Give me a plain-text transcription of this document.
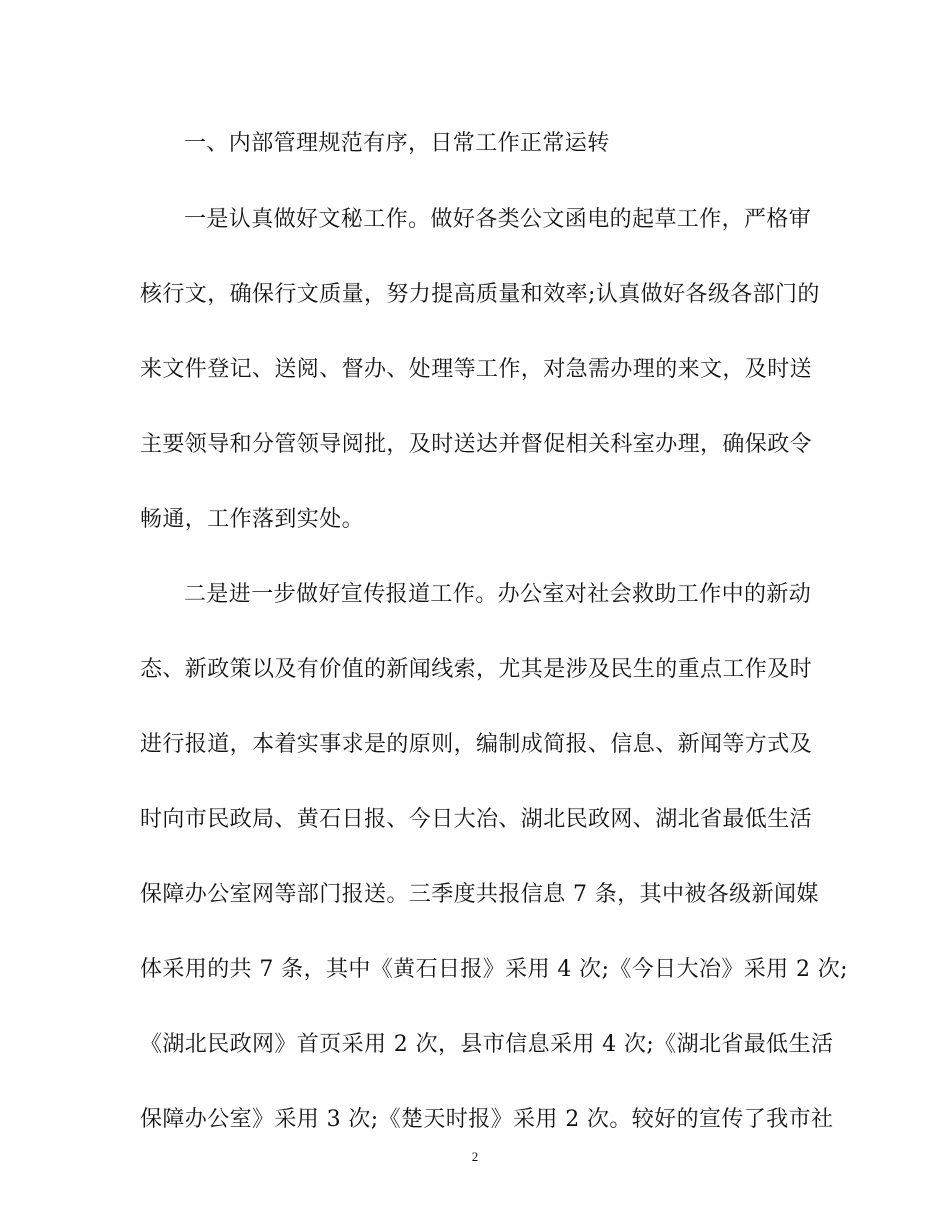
一、内部管理规范有序，日常工作正常运转
一是认真做好文秘工作。做好各类公文函电的起草工作，严格审
核行文，确保行文质量，努力提高质量和效率;认真做好各级各部门的
来文件登记、送阅、督办、处理等工作，对急需办理的来文，及时送
主要领导和分管领导阅批，及时送达并督促相关科室办理，确保政令
畅通，工作落到实处。
二是进一步做好宣传报道工作。办公室对社会救助工作中的新动
态、新政策以及有价值的新闻线索，尤其是涉及民生的重点工作及时
进行报道，本着实事求是的原则，编制成简报、信息、新闻等方式及
时向市民政局、黄石日报、今日大冶、湖北民政网、湖北省最低生活
保障办公室网等部门报送。三季度共报信息 7 条，其中被各级新闻媒
体采用的共 7 条，其中《黄石日报》采用 4 次;《今日大冶》采用 2 次;
《湖北民政网》首页采用 2 次，县市信息采用 4 次;《湖北省最低生活
保障办公室》采用 3 次;《楚天时报》采用 2 次。较好的宣传了我市社
2
